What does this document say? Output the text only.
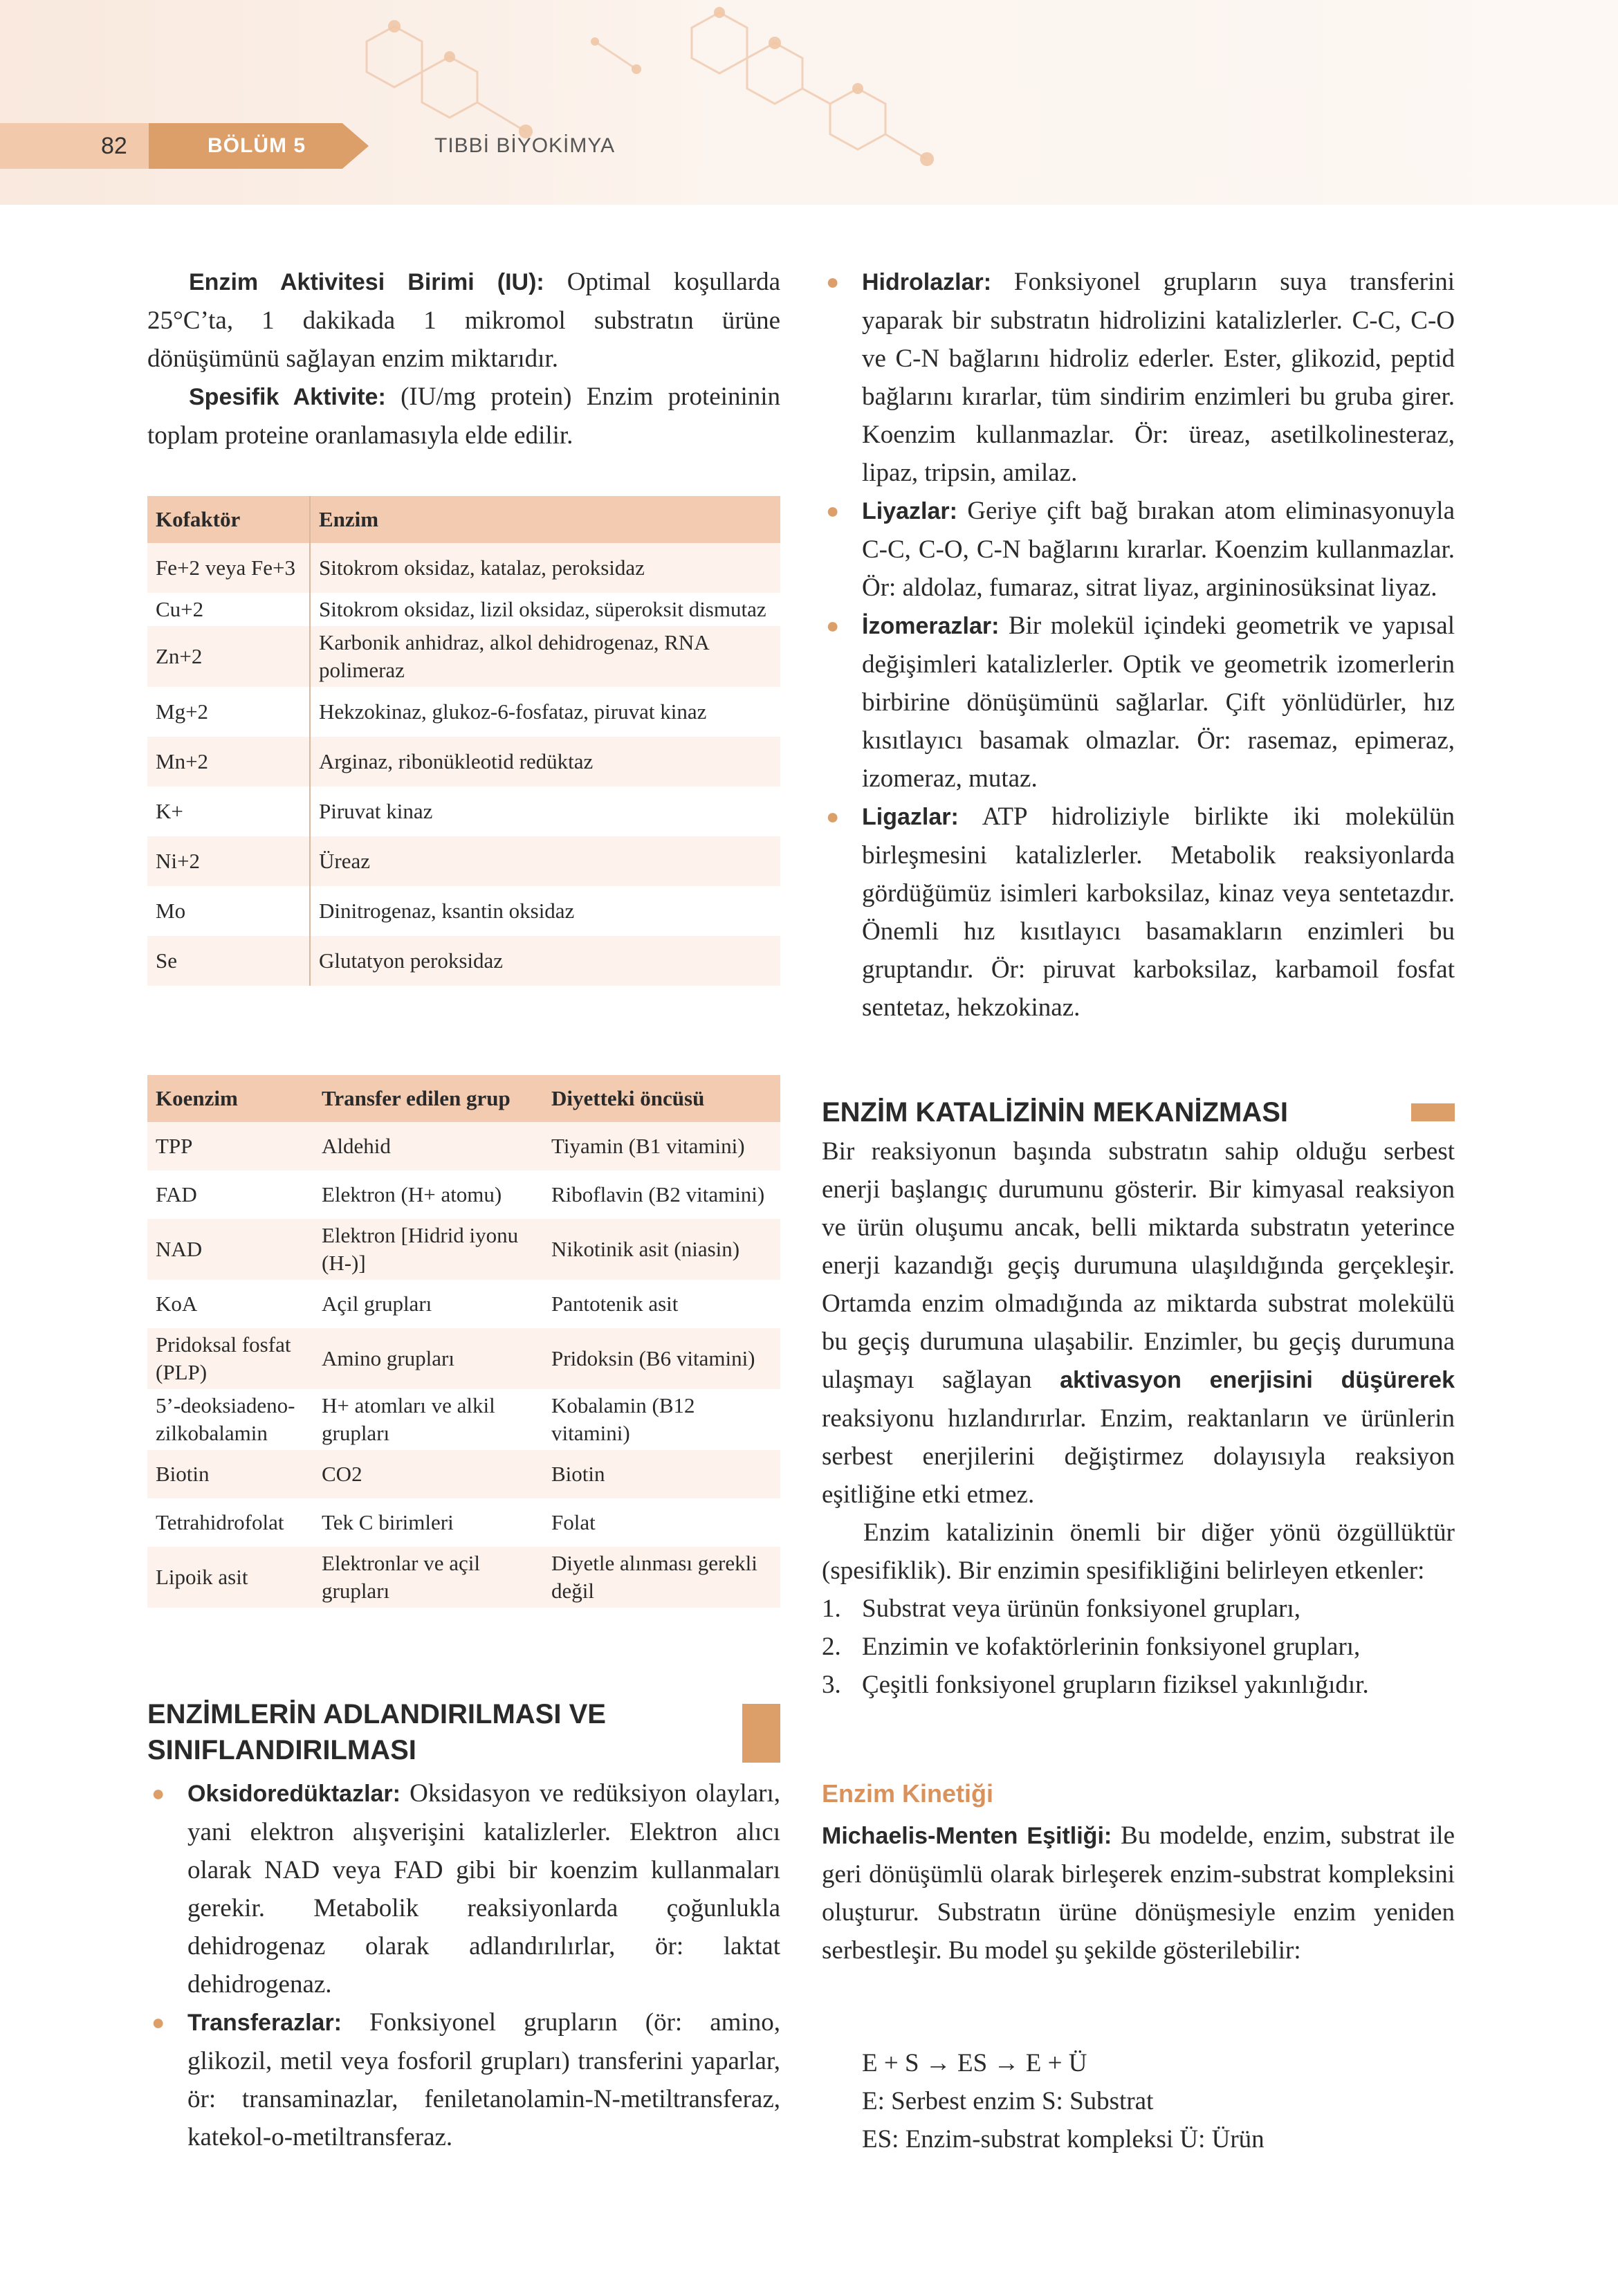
82	BÖLÜM 5	TIBBİ BİYOKİMYA

Enzim Aktivitesi Birimi (IU): Optimal koşullarda 25°C’ta, 1 dakikada 1 mikromol substratın ürüne dönüşümünü sağlayan enzim miktarıdır.

Spesifik Aktivite: (IU/mg protein) Enzim proteininin toplam proteine oranlamasıyla elde edilir.

Kofaktör	Enzim
Fe+2 veya Fe+3	Sitokrom oksidaz, katalaz, peroksidaz
Cu+2	Sitokrom oksidaz, lizil oksidaz, süperoksit dismutaz
Zn+2	Karbonik anhidraz, alkol dehidrogenaz, RNA polimeraz
Mg+2	Hekzokinaz, glukoz-6-fosfataz, piruvat kinaz
Mn+2	Arginaz, ribonükleotid redüktaz
K+	Piruvat kinaz
Ni+2	Üreaz
Mo	Dinitrogenaz, ksantin oksidaz
Se	Glutatyon peroksidaz
Koenzim	Transfer edilen grup	Diyetteki öncüsü
TPP	Aldehid	Tiyamin (B1 vitamini)
FAD	Elektron (H+ atomu)	Riboflavin (B2 vitamini)
NAD	Elektron [Hidrid iyonu (H-)]	Nikotinik asit (niasin)
KoA	Açil grupları	Pantotenik asit
Pridoksal fosfat (PLP)	Amino grupları	Pridoksin (B6 vitamini)
5’-deoksiadeno-zilkobalamin	H+ atomları ve alkil grupları	Kobalamin (B12 vitamini)
Biotin	CO2	Biotin
Tetrahidrofolat	Tek C birimleri	Folat
Lipoik asit	Elektronlar ve açil grupları	Diyetle alınması gerekli değil
ENZİMLERİN ADLANDIRILMASI VE SINIFLANDIRILMASI
● Oksidoredüktazlar: Oksidasyon ve redüksiyon olayları, yani elektron alışverişini katalizlerler. Elektron alıcı olarak NAD veya FAD gibi bir koenzim kullanmaları gerekir. Metabolik reaksiyonlarda çoğunlukla dehidrogenaz olarak adlandırılırlar, ör: laktat dehidrogenaz.
● Transferazlar: Fonksiyonel grupların (ör: amino, glikozil, metil veya fosforil grupları) transferini yaparlar, ör: transaminazlar, feniletanolamin-N-metiltransferaz, katekol-o-metiltransferaz.
● Hidrolazlar: Fonksiyonel grupların suya transferini yaparak bir substratın hidrolizini katalizlerler. C-C, C-O ve C-N bağlarını hidroliz ederler. Ester, glikozid, peptid bağlarını kırarlar, tüm sindirim enzimleri bu gruba girer. Koenzim kullanmazlar. Ör: üreaz, asetilkolinesteraz, lipaz, tripsin, amilaz.
● Liyazlar: Geriye çift bağ bırakan atom eliminasyonuyla C-C, C-O, C-N bağlarını kırarlar. Koenzim kullanmazlar. Ör: aldolaz, fumaraz, sitrat liyaz, argininosüksinat liyaz.
● İzomerazlar: Bir molekül içindeki geometrik ve yapısal değişimleri katalizlerler. Optik ve geometrik izomerlerin birbirine dönüşümünü sağlarlar. Çift yönlüdürler, hız kısıtlayıcı basamak olmazlar. Ör: rasemaz, epimeraz, izomeraz, mutaz.
● Ligazlar: ATP hidroliziyle birlikte iki molekülün birleşmesini katalizlerler. Metabolik reaksiyonlarda gördüğümüz isimleri karboksilaz, kinaz veya sentetazdır. Önemli hız kısıtlayıcı basamakların enzimleri bu gruptandır. Ör: piruvat karboksilaz, karbamoil fosfat sentetaz, hekzokinaz.
ENZİM KATALİZİNİN MEKANİZMASI

Bir reaksiyonun başında substratın sahip olduğu serbest enerji başlangıç durumunu gösterir. Bir kimyasal reaksiyon ve ürün oluşumu ancak, belli miktarda substratın yeterince enerji kazandığı geçiş durumuna ulaşıldığında gerçekleşir. Ortamda enzim olmadığında az miktarda substrat molekülü bu geçiş durumuna ulaşabilir. Enzimler, bu geçiş durumuna ulaşmayı sağlayan aktivasyon enerjisini düşürerek reaksiyonu hızlandırırlar. Enzim, reaktanların ve ürünlerin serbest enerjilerini değiştirmez dolayısıyla reaksiyon eşitliğine etki etmez.

Enzim katalizinin önemli bir diğer yönü özgüllüktür (spesifiklik). Bir enzimin spesifikliğini belirleyen etkenler:

1. Substrat veya ürünün fonksiyonel grupları,
2. Enzimin ve kofaktörlerinin fonksiyonel grupları,
3. Çeşitli fonksiyonel grupların fiziksel yakınlığıdır.
Enzim Kinetiği

Michaelis-Menten Eşitliği: Bu modelde, enzim, substrat ile geri dönüşümlü olarak birleşerek enzim-substrat kompleksini oluşturur. Substratın ürüne dönüşmesiyle enzim yeniden serbestleşir. Bu model şu şekilde gösterilebilir:

E + S → ES → E + Ü
E: Serbest enzim S: Substrat
ES: Enzim-substrat kompleksi Ü: Ürün
